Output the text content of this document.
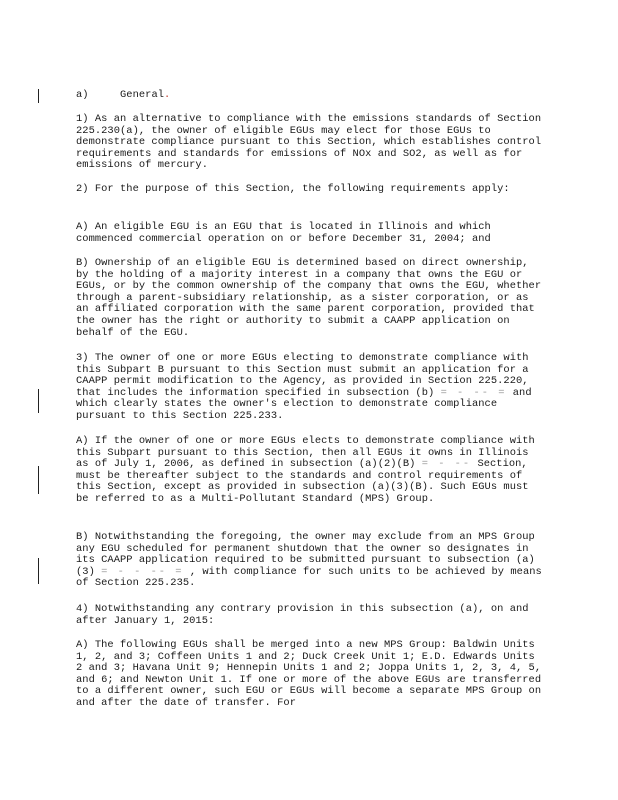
a)	General.

1) As an alternative to compliance with the emissions standards of Section 225.230(a), the owner of eligible EGUs may elect for those EGUs to demonstrate compliance pursuant to this Section, which establishes control requirements and standards for emissions of NOx and SO2, as well as for emissions of mercury.

2) For the purpose of this Section, the following requirements apply:

A) An eligible EGU is an EGU that is located in Illinois and which commenced commercial operation on or before December 31, 2004; and

B) Ownership of an eligible EGU is determined based on direct ownership, by the holding of a majority interest in a company that owns the EGU or EGUs, or by the common ownership of the company that owns the EGU, whether through a parent-subsidiary relationship, as a sister corporation, or as an affiliated corporation with the same parent corporation, provided that the owner has the right or authority to submit a CAAPP application on behalf of the EGU.

3) The owner of one or more EGUs electing to demonstrate compliance with this Subpart B pursuant to this Section must submit an application for a CAAPP permit modification to the Agency, as provided in Section 225.220, that includes the information specified in subsection (b) = - -- = and which clearly states the owner's election to demonstrate compliance pursuant to this Section 225.233.

A) If the owner of one or more EGUs elects to demonstrate compliance with this Subpart pursuant to this Section, then all EGUs it owns in Illinois as of July 1, 2006, as defined in subsection (a)(2)(B) = - -- Section, must be thereafter subject to the standards and control requirements of this Section, except as provided in subsection (a)(3)(B). Such EGUs must be referred to as a Multi-Pollutant Standard (MPS) Group.

B) Notwithstanding the foregoing, the owner may exclude from an MPS Group any EGU scheduled for permanent shutdown that the owner so designates in its CAAPP application required to be submitted pursuant to subsection (a)(3) = - - -- = , with compliance for such units to be achieved by means of Section 225.235.

4) Notwithstanding any contrary provision in this subsection (a), on and after January 1, 2015:

A) The following EGUs shall be merged into a new MPS Group: Baldwin Units 1, 2, and 3; Coffeen Units 1 and 2; Duck Creek Unit 1; E.D. Edwards Units 2 and 3; Havana Unit 9; Hennepin Units 1 and 2; Joppa Units 1, 2, 3, 4, 5, and 6; and Newton Unit 1. If one or more of the above EGUs are transferred to a different owner, such EGU or EGUs will become a separate MPS Group on and after the date of transfer. For
